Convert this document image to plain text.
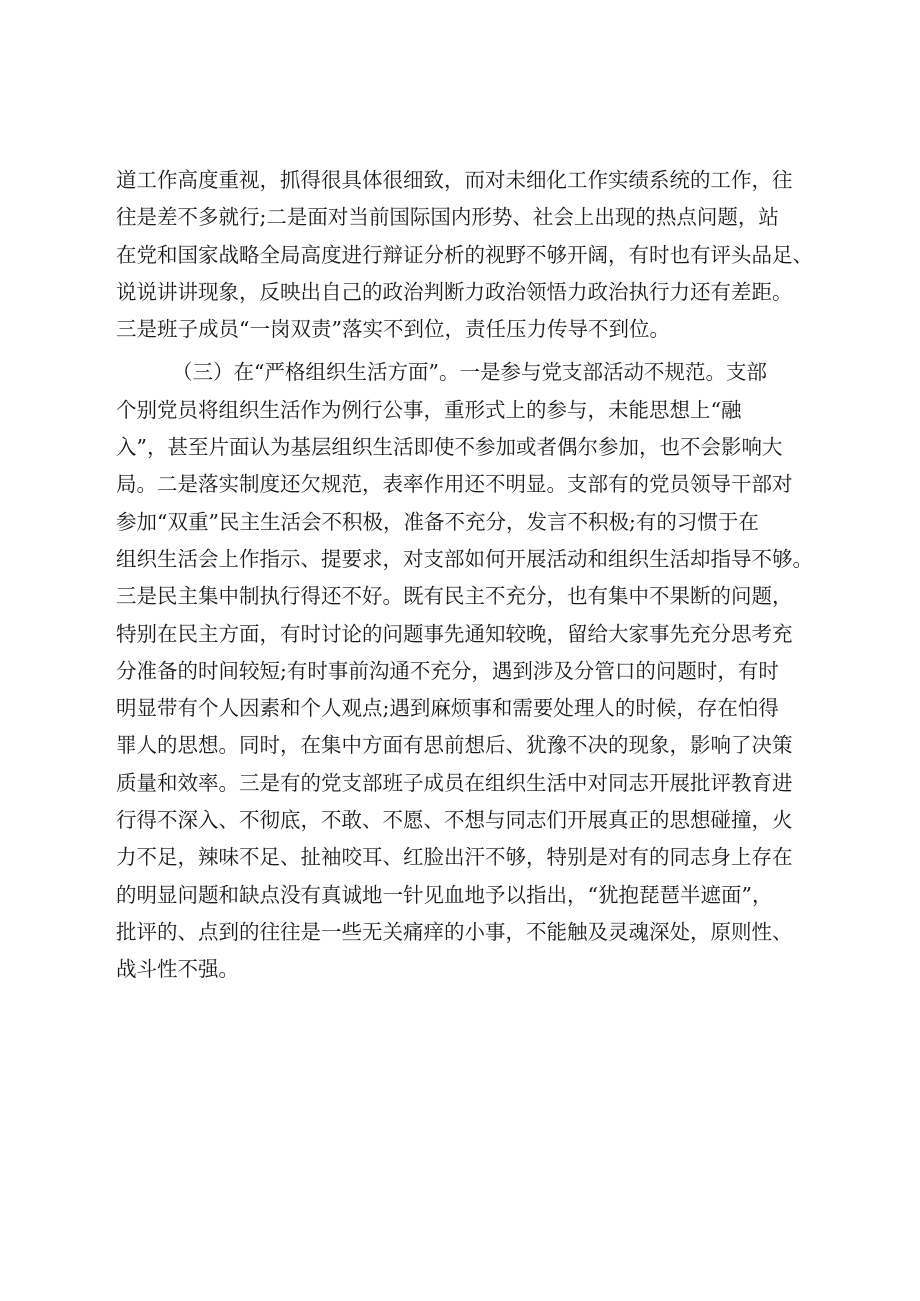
道工作高度重视，抓得很具体很细致，而对未细化工作实绩系统的工作，往
往是差不多就行;二是面对当前国际国内形势、社会上出现的热点问题，站
在党和国家战略全局高度进行辩证分析的视野不够开阔，有时也有评头品足、
说说讲讲现象，反映出自己的政治判断力政治领悟力政治执行力还有差距。
三是班子成员“一岗双责”落实不到位，责任压力传导不到位。
（三）在“严格组织生活方面”。一是参与党支部活动不规范。支部
个别党员将组织生活作为例行公事，重形式上的参与，未能思想上“融
入”，甚至片面认为基层组织生活即使不参加或者偶尔参加，也不会影响大
局。二是落实制度还欠规范，表率作用还不明显。支部有的党员领导干部对
参加“双重”民主生活会不积极，准备不充分，发言不积极;有的习惯于在
组织生活会上作指示、提要求，对支部如何开展活动和组织生活却指导不够。
三是民主集中制执行得还不好。既有民主不充分，也有集中不果断的问题，
特别在民主方面，有时讨论的问题事先通知较晚，留给大家事先充分思考充
分准备的时间较短;有时事前沟通不充分，遇到涉及分管口的问题时，有时
明显带有个人因素和个人观点;遇到麻烦事和需要处理人的时候，存在怕得
罪人的思想。同时，在集中方面有思前想后、犹豫不决的现象，影响了决策
质量和效率。三是有的党支部班子成员在组织生活中对同志开展批评教育进
行得不深入、不彻底，不敢、不愿、不想与同志们开展真正的思想碰撞，火
力不足，辣味不足、扯袖咬耳、红脸出汗不够，特别是对有的同志身上存在
的明显问题和缺点没有真诚地一针见血地予以指出，“犹抱琵琶半遮面”，
批评的、点到的往往是一些无关痛痒的小事，不能触及灵魂深处，原则性、
战斗性不强。
